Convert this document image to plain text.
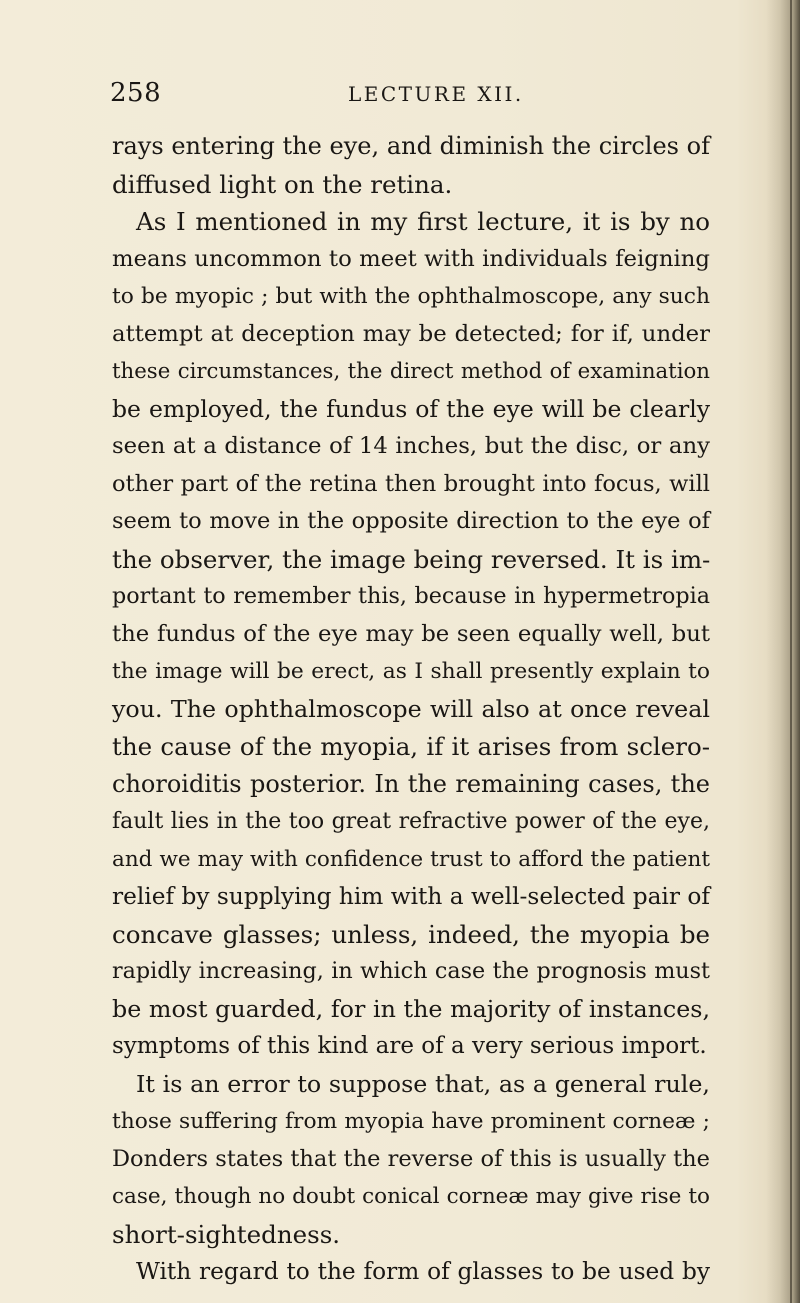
258	LECTURE XII.
rays entering the eye, and diminish the circles of
diffused light on the retina.
As I mentioned in my first lecture, it is by no
means uncommon to meet with individuals feigning
to be myopic ; but with the ophthalmoscope, any such
attempt at deception may be detected; for if, under
these circumstances, the direct method of examination
be employed, the fundus of the eye will be clearly
seen at a distance of 14 inches, but the disc, or any
other part of the retina then brought into focus, will
seem to move in the opposite direction to the eye of
the observer, the image being reversed. It is im-
portant to remember this, because in hypermetropia
the fundus of the eye may be seen equally well, but
the image will be erect, as I shall presently explain to
you. The ophthalmoscope will also at once reveal
the cause of the myopia, if it arises from sclero-
choroiditis posterior. In the remaining cases, the
fault lies in the too great refractive power of the eye,
and we may with confidence trust to afford the patient
relief by supplying him with a well-selected pair of
concave glasses; unless, indeed, the myopia be
rapidly increasing, in which case the prognosis must
be most guarded, for in the majority of instances,
symptoms of this kind are of a very serious import.
It is an error to suppose that, as a general rule,
those suffering from myopia have prominent corneæ ;
Donders states that the reverse of this is usually the
case, though no doubt conical corneæ may give rise to
short-sightedness.
With regard to the form of glasses to be used by
